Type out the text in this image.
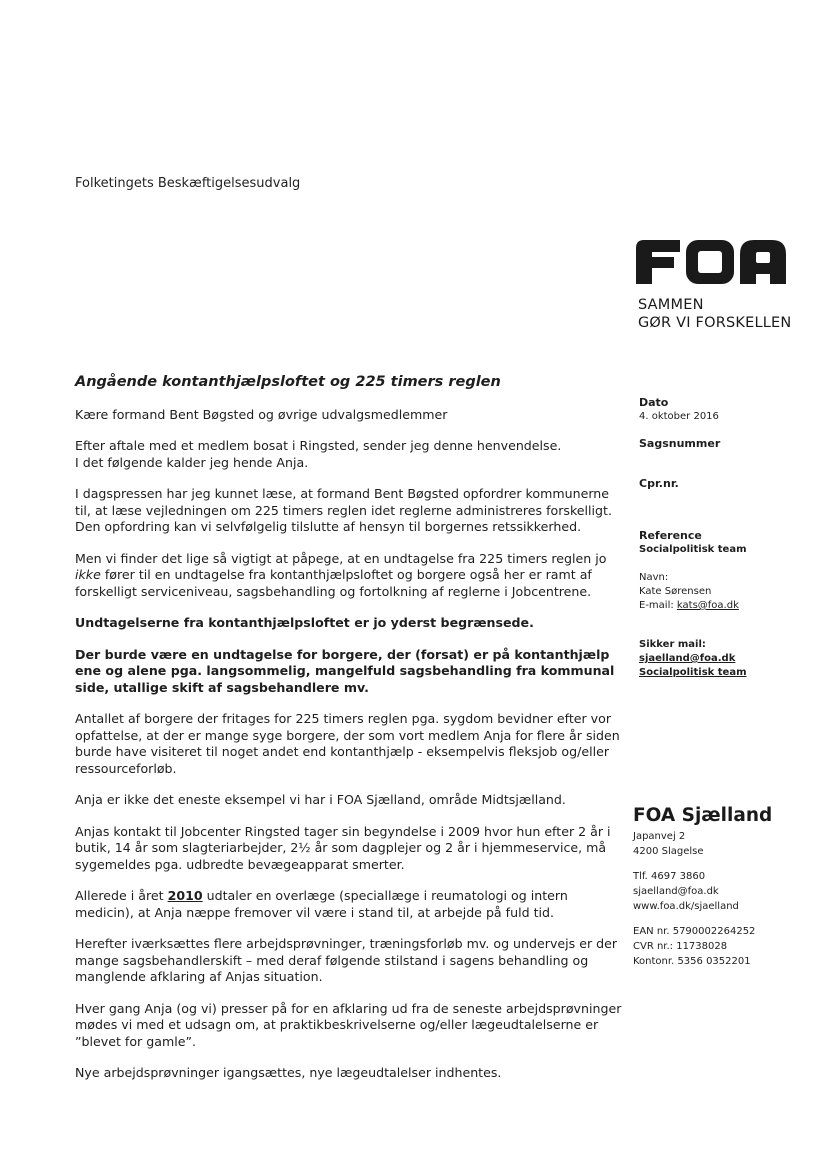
Folketingets Beskæftigelsesudvalg
SAMMEN
GØR VI FORSKELLEN
Angående kontanthjælpsloftet og 225 timers reglen

Kære formand Bent Bøgsted og øvrige udvalgsmedlemmer

Efter aftale med et medlem bosat i Ringsted, sender jeg denne henvendelse.
I det følgende kalder jeg hende Anja.

I dagspressen har jeg kunnet læse, at formand Bent Bøgsted opfordrer kommunerne til, at læse vejledningen om 225 timers reglen idet reglerne administreres forskelligt. Den opfordring kan vi selvfølgelig tilslutte af hensyn til borgernes retssikkerhed.

Men vi finder det lige så vigtigt at påpege, at en undtagelse fra 225 timers reglen jo ikke fører til en undtagelse fra kontanthjælpsloftet og borgere også her er ramt af forskelligt serviceniveau, sagsbehandling og fortolkning af reglerne i Jobcentrene.

Undtagelserne fra kontanthjælpsloftet er jo yderst begrænsede.

Der burde være en undtagelse for borgere, der (forsat) er på kontanthjælp ene og alene pga. langsommelig, mangelfuld sagsbehandling fra kommunal side, utallige skift af sagsbehandlere mv.

Antallet af borgere der fritages for 225 timers reglen pga. sygdom bevidner efter vor opfattelse, at der er mange syge borgere, der som vort medlem Anja for flere år siden burde have visiteret til noget andet end kontanthjælp - eksempelvis fleksjob og/eller ressourceforløb.

Anja er ikke det eneste eksempel vi har i FOA Sjælland, område Midtsjælland.

Anjas kontakt til Jobcenter Ringsted tager sin begyndelse i 2009 hvor hun efter 2 år i butik, 14 år som slagteriarbejder, 2½ år som dagplejer og 2 år i hjemmeservice, må sygemeldes pga. udbredte bevægeapparat smerter.

Allerede i året 2010 udtaler en overlæge (speciallæge i reumatologi og intern medicin), at Anja næppe fremover vil være i stand til, at arbejde på fuld tid.

Herefter iværksættes flere arbejdsprøvninger, træningsforløb mv. og undervejs er der mange sagsbehandlerskift – med deraf følgende stilstand i sagens behandling og manglende afklaring af Anjas situation.

Hver gang Anja (og vi) presser på for en afklaring ud fra de seneste arbejdsprøvninger mødes vi med et udsagn om, at praktikbeskrivelserne og/eller lægeudtalelserne er ”blevet for gamle”.

Nye arbejdsprøvninger igangsættes, nye lægeudtalelser indhentes.

Dato
4. oktober 2016
Sagsnummer
Cpr.nr.
Reference
Socialpolitisk team
Navn:
Kate Sørensen
E-mail: kats@foa.dk
Sikker mail:
sjaelland@foa.dk
Socialpolitisk team
FOA Sjælland
Japanvej 2
4200 Slagelse
Tlf. 4697 3860
sjaelland@foa.dk
www.foa.dk/sjaelland
EAN nr. 5790002264252
CVR nr.: 11738028
Kontonr. 5356 0352201
